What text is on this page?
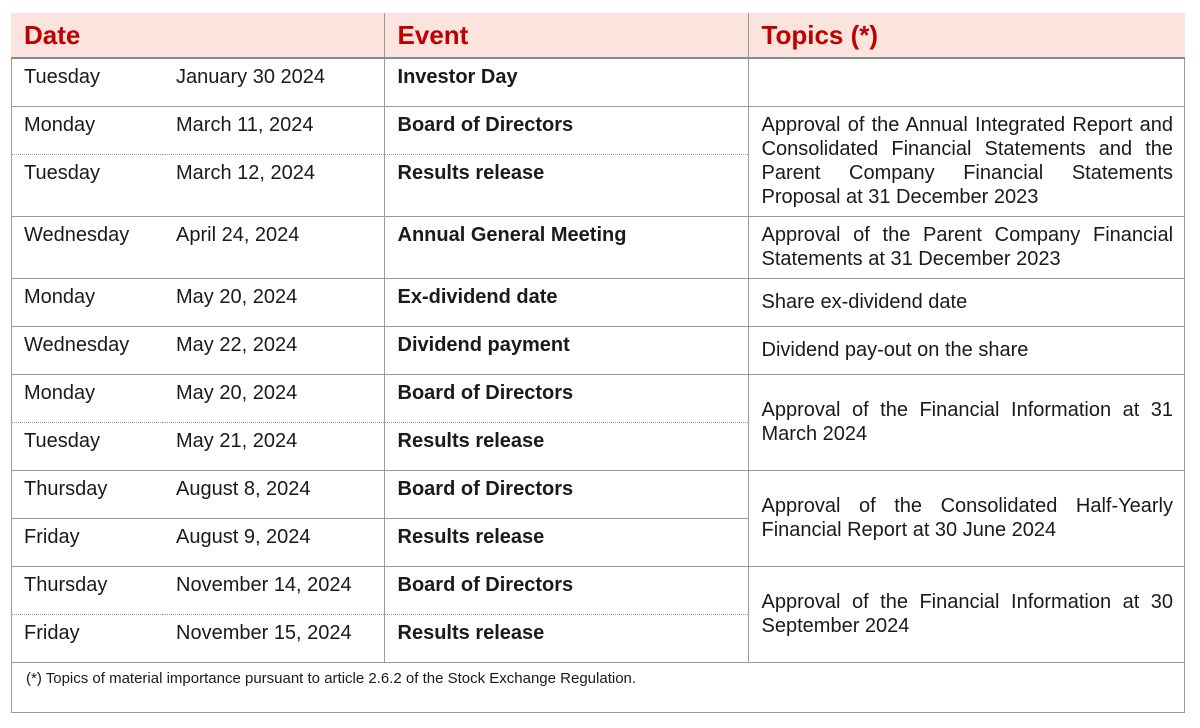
Date		Event	Topics (*)
Tuesday	January 30 2024	Investor Day	
Monday	March 11, 2024	Board of Directors	Approval of the Annual Integrated Report and Consolidated Financial Statements and the Parent Company Financial Statements Proposal at 31 December 2023
Tuesday	March 12, 2024	Results release	
Wednesday	April 24, 2024	Annual General Meeting	Approval of the Parent Company Financial Statements at 31 December 2023
Monday	May 20, 2024	Ex-dividend date	Share ex-dividend date
Wednesday	May 22, 2024	Dividend payment	Dividend pay-out on the share
Monday	May 20, 2024	Board of Directors	Approval of the Financial Information at 31 March 2024
Tuesday	May 21, 2024	Results release	
Thursday	August 8, 2024	Board of Directors	Approval of the Consolidated Half-Yearly Financial Report at 30 June 2024
Friday	August 9, 2024	Results release	
Thursday	November 14, 2024	Board of Directors	Approval of the Financial Information at 30 September 2024
Friday	November 15, 2024	Results release	
(*) Topics of material importance pursuant to article 2.6.2 of the Stock Exchange Regulation.
